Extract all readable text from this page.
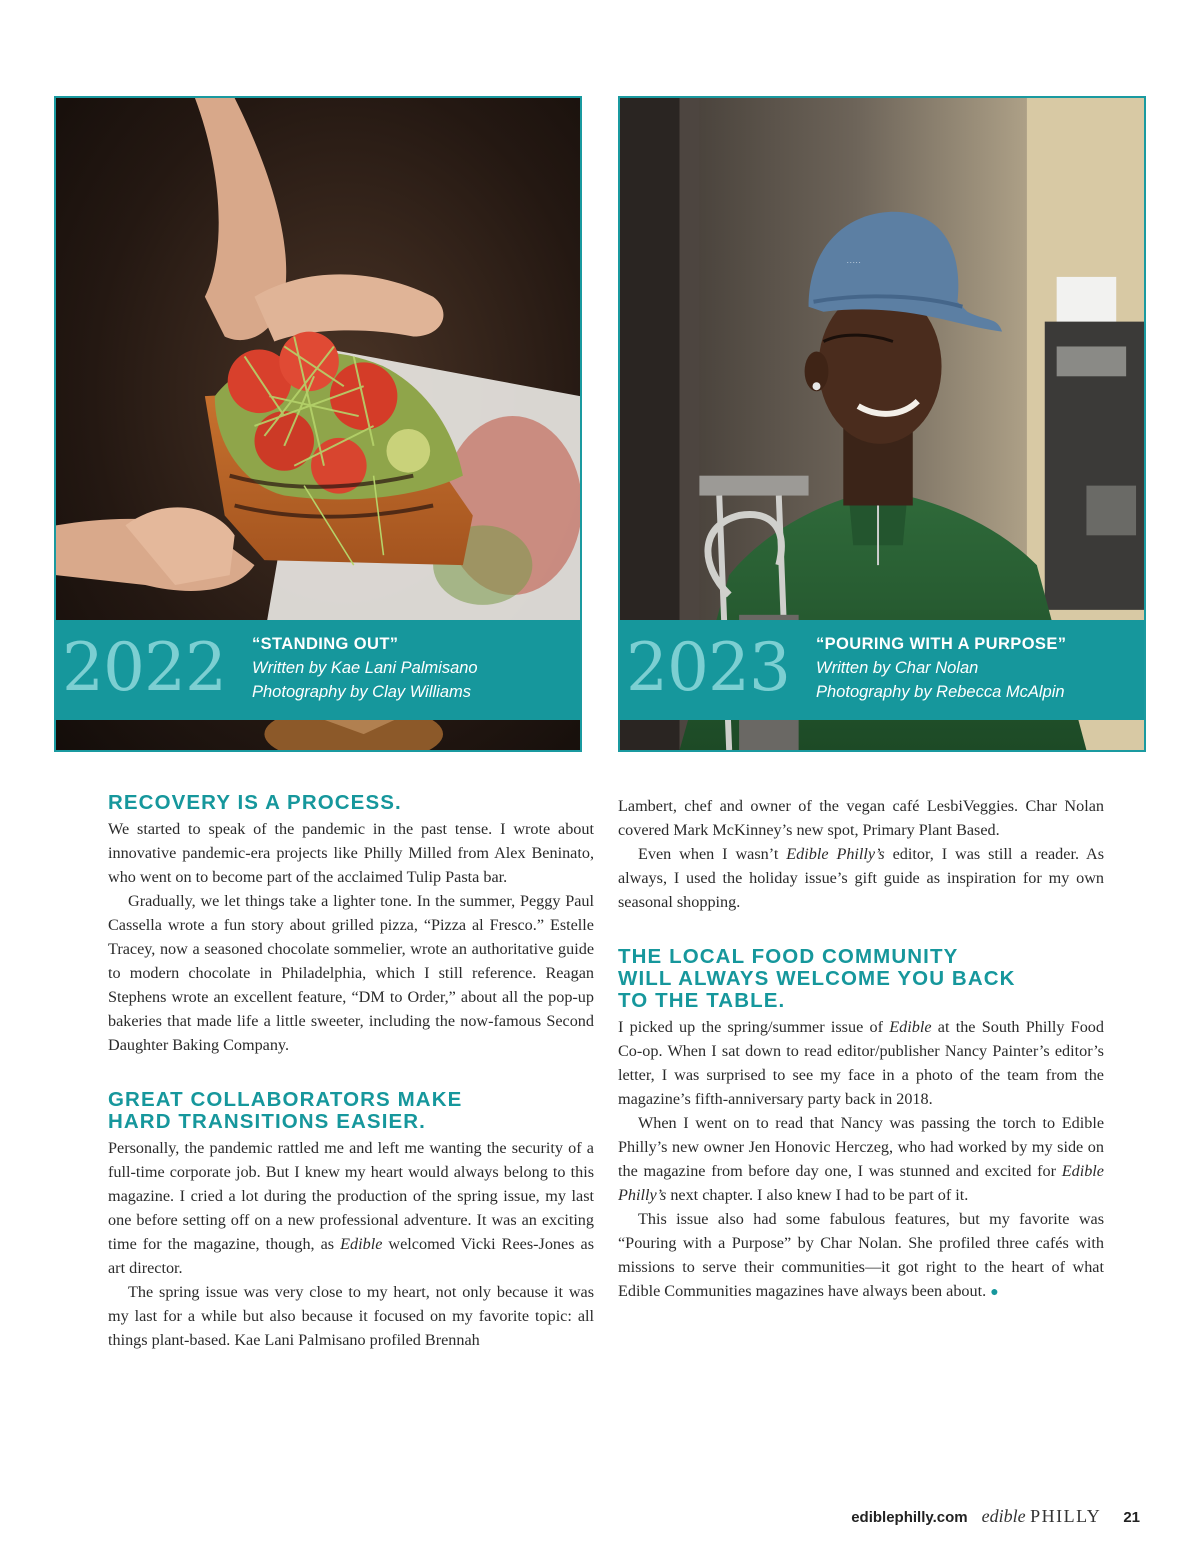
2022 “STANDING OUT”
Written by Kae Lani Palmisano
Photography by Clay Williams
·····
2023 “POURING WITH A PURPOSE”
Written by Char Nolan
Photography by Rebecca McAlpin
RECOVERY IS A PROCESS.

We started to speak of the pandemic in the past tense. I wrote about innovative pandemic-era projects like Philly Milled from Alex Beninato, who went on to become part of the acclaimed Tulip Pasta bar.

Gradually, we let things take a lighter tone. In the summer, Peggy Paul Cassella wrote a fun story about grilled pizza, “Pizza al Fresco.” Estelle Tracey, now a seasoned chocolate sommelier, wrote an authoritative guide to modern chocolate in Philadelphia, which I still reference. Reagan Stephens wrote an excellent feature, “DM to Order,” about all the pop-up bakeries that made life a little sweeter, including the now-famous Second Daughter Baking Company.

GREAT COLLABORATORS MAKE
HARD TRANSITIONS EASIER.

Personally, the pandemic rattled me and left me wanting the security of a full-time corporate job. But I knew my heart would always belong to this magazine. I cried a lot during the production of the spring issue, my last one before setting off on a new professional adventure. It was an exciting time for the magazine, though, as Edible welcomed Vicki Rees-Jones as art director.

The spring issue was very close to my heart, not only because it was my last for a while but also because it focused on my favorite topic: all things plant-based. Kae Lani Palmisano profiled Brennah

Lambert, chef and owner of the vegan café LesbiVeggies. Char Nolan covered Mark McKinney’s new spot, Primary Plant Based.

Even when I wasn’t Edible Philly’s editor, I was still a reader. As always, I used the holiday issue’s gift guide as inspiration for my own seasonal shopping.

THE LOCAL FOOD COMMUNITY
WILL ALWAYS WELCOME YOU BACK
TO THE TABLE.

I picked up the spring/summer issue of Edible at the South Philly Food Co-op. When I sat down to read editor/publisher Nancy Painter’s editor’s letter, I was surprised to see my face in a photo of the team from the magazine’s fifth-anniversary party back in 2018.

When I went on to read that Nancy was passing the torch to Edible Philly’s new owner Jen Honovic Herczeg, who had worked by my side on the magazine from before day one, I was stunned and excited for Edible Philly’s next chapter. I also knew I had to be part of it.

This issue also had some fabulous features, but my favorite was “Pouring with a Purpose” by Char Nolan. She profiled three cafés with missions to serve their communities—it got right to the heart of what Edible Communities magazines have always been about. ●

ediblephilly.com edible PHILLY 21
